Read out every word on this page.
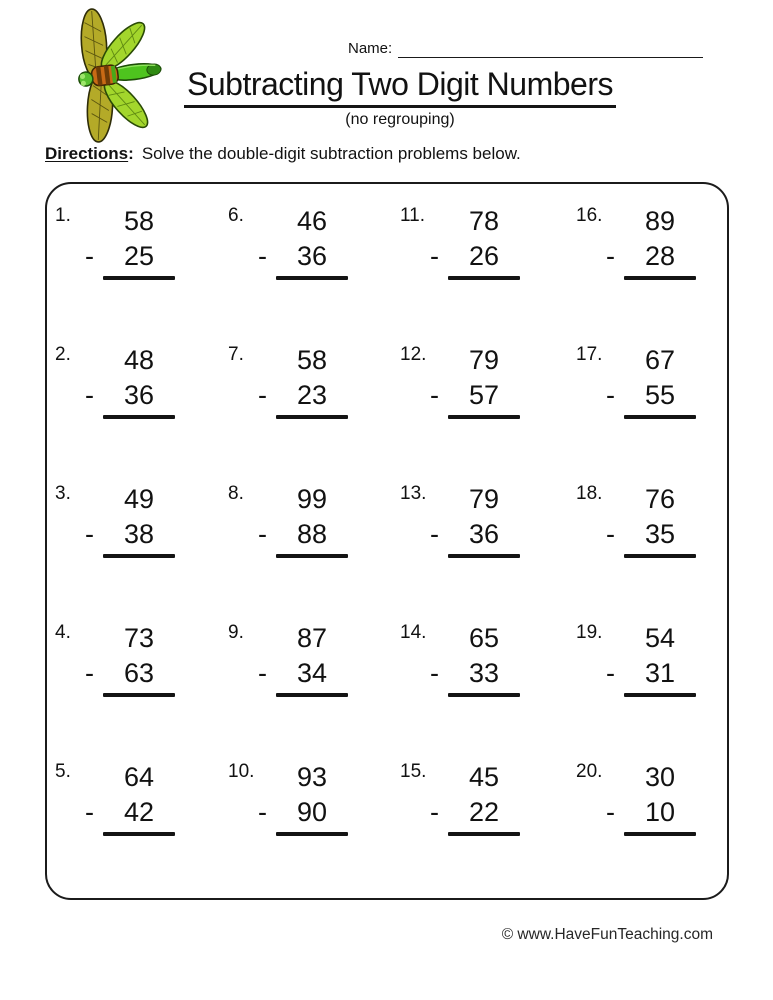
Name:
Subtracting Two Digit Numbers
(no regrouping)
Directions: Solve the double-digit subtraction problems below.
1.	58
- 25
6.	46
- 36
11.	78
- 26
16.	89
- 28
2.	48
- 36
7.	58
- 23
12.	79
- 57
17.	67
- 55
3.	49
- 38
8.	99
- 88
13.	79
- 36
18.	76
- 35
4.	73
- 63
9.	87
- 34
14.	65
- 33
19.	54
- 31
5.	64
- 42
10.	93
- 90
15.	45
- 22
20.	30
- 10
© www.HaveFunTeaching.com
